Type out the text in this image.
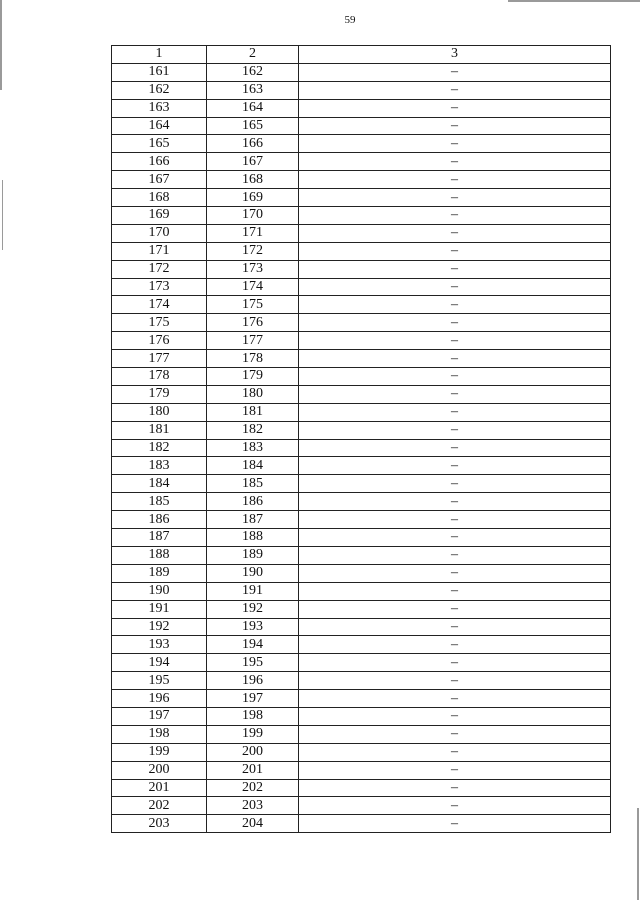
59
1	2	3
161	162	–
162	163	–
163	164	–
164	165	–
165	166	–
166	167	–
167	168	–
168	169	–
169	170	–
170	171	–
171	172	–
172	173	–
173	174	–
174	175	–
175	176	–
176	177	–
177	178	–
178	179	–
179	180	–
180	181	–
181	182	–
182	183	–
183	184	–
184	185	–
185	186	–
186	187	–
187	188	–
188	189	–
189	190	–
190	191	–
191	192	–
192	193	–
193	194	–
194	195	–
195	196	–
196	197	–
197	198	–
198	199	–
199	200	–
200	201	–
201	202	–
202	203	–
203	204	–
